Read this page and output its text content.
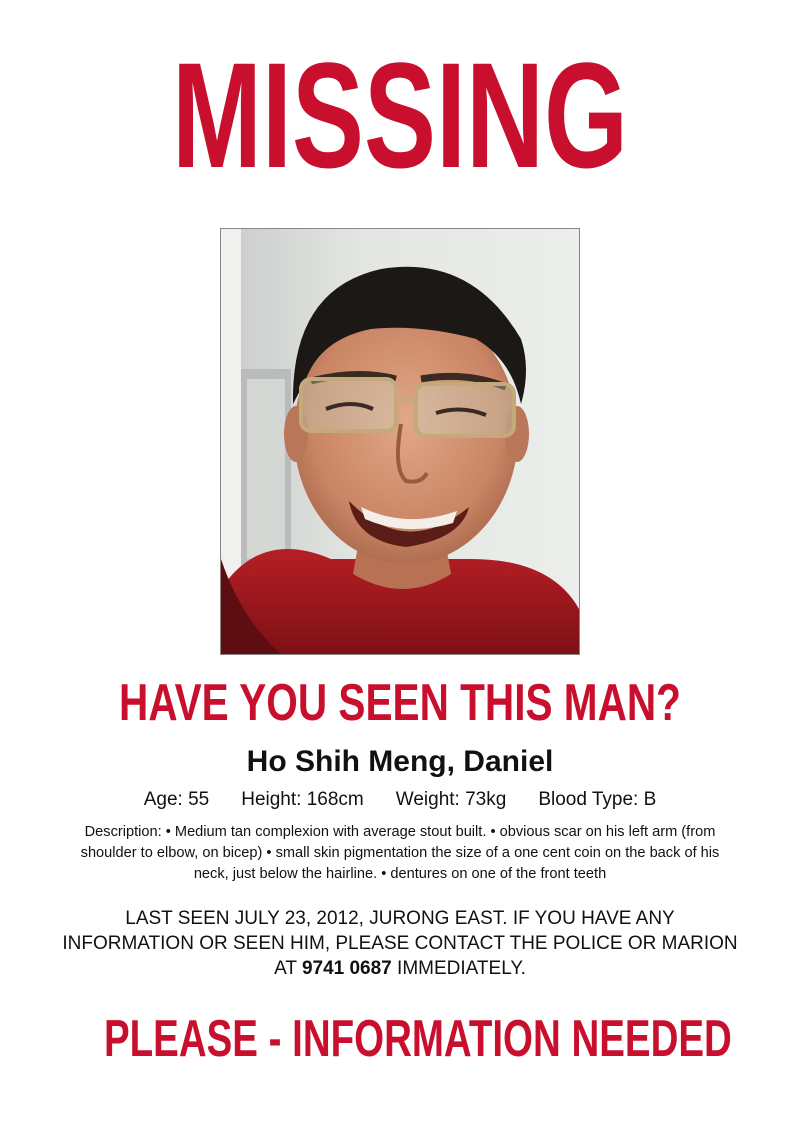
MISSING
HAVE YOU SEEN THIS MAN?
Ho Shih Meng, Daniel
Age: 55 Height: 168cm Weight: 73kg Blood Type: B
Description: • Medium tan complexion with average stout built. • obvious scar on his left arm (from shoulder to elbow, on bicep) • small skin pigmentation the size of a one cent coin on the back of his neck, just below the hairline. • dentures on one of the front teeth
LAST SEEN JULY 23, 2012, JURONG EAST. IF YOU HAVE ANY INFORMATION OR SEEN HIM, PLEASE CONTACT THE POLICE OR MARION AT 9741 0687 IMMEDIATELY.
PLEASE - INFORMATION NEEDED
